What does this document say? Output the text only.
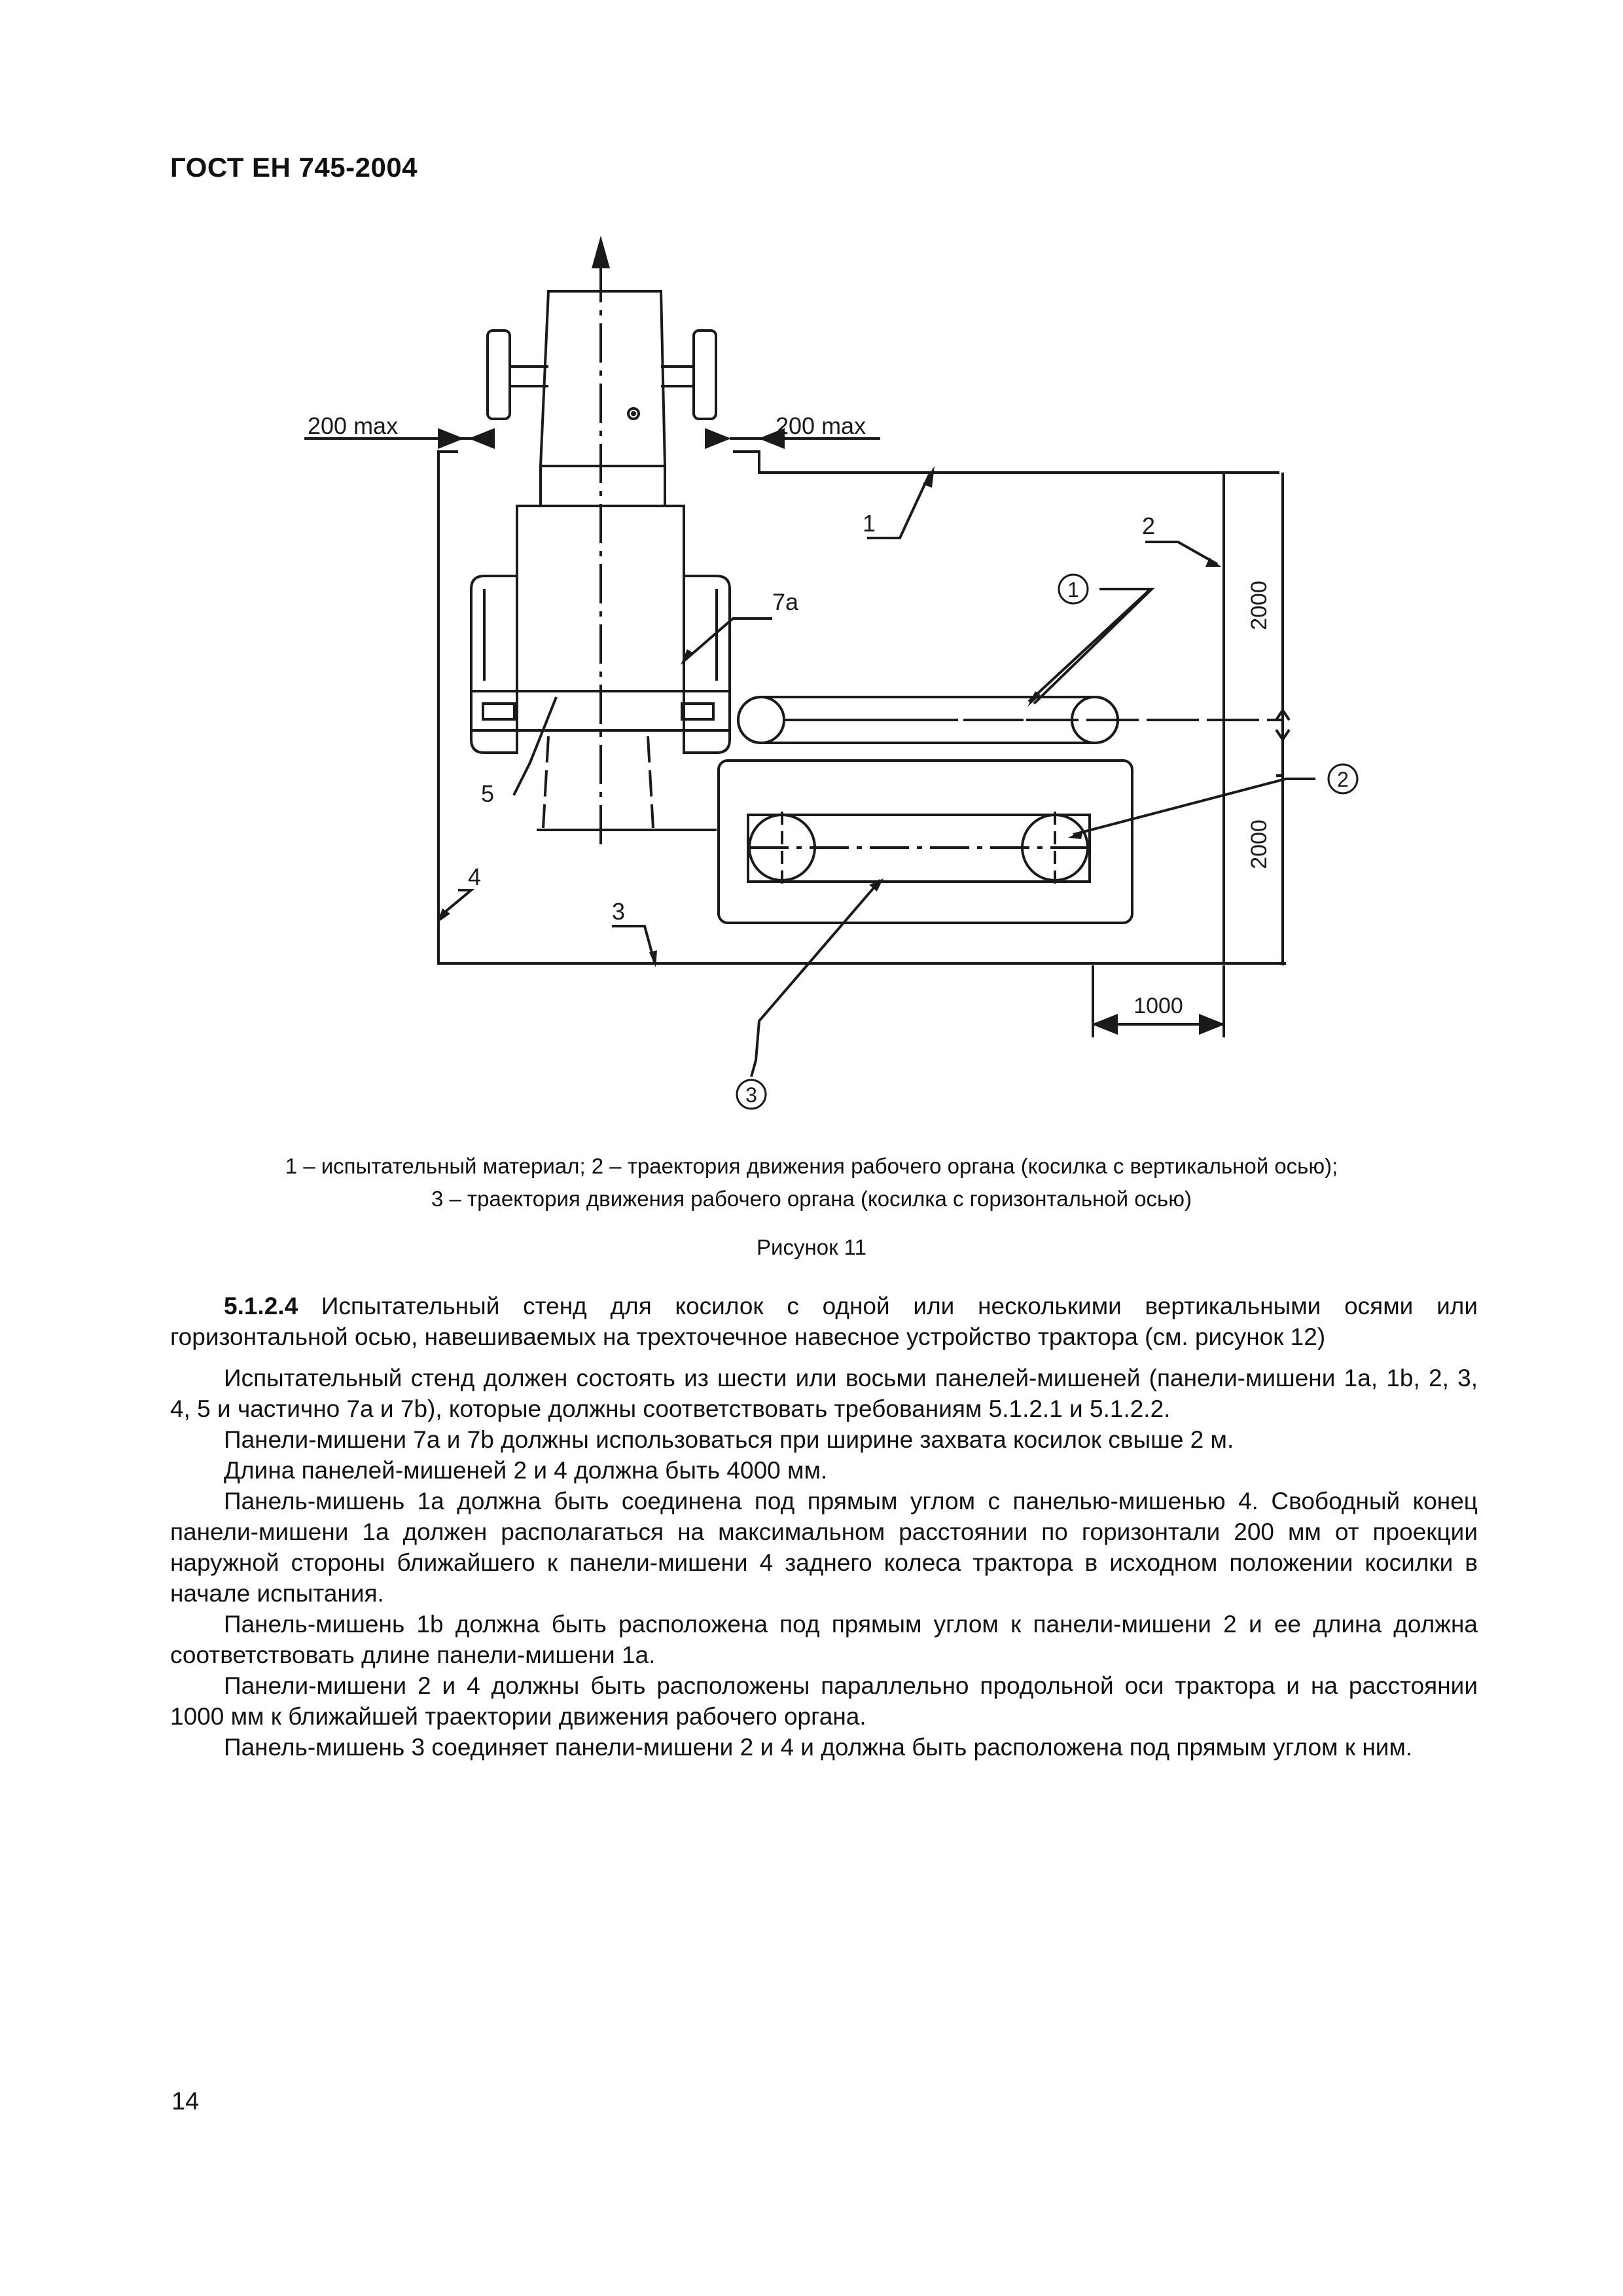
ГОСТ ЕН 745-2004
1
2
3
200 max	200 max
1	2
7a
5
4
3
1000
2000
2000
1 – испытательный материал; 2 – траектория движения рабочего органа (косилка с вертикальной осью);
3 – траектория движения рабочего органа (косилка с горизонтальной осью)
Рисунок 11

5.1.2.4 Испытательный стенд для косилок с одной или несколькими вертикальными осями или горизонтальной осью, навешиваемых на трехточечное навесное устройство трактора (см. рисунок 12)

Испытательный стенд должен состоять из шести или восьми панелей-мишеней (панели-мишени 1a, 1b, 2, 3, 4, 5 и частично 7a и 7b), которые должны соответствовать требованиям 5.1.2.1 и 5.1.2.2.

Панели-мишени 7a и 7b должны использоваться при ширине захвата косилок свыше 2 м.

Длина панелей-мишеней 2 и 4 должна быть 4000 мм.

Панель-мишень 1a должна быть соединена под прямым углом с панелью-мишенью 4. Свободный конец панели-мишени 1a должен располагаться на максимальном расстоянии по горизонтали 200 мм от проекции наружной стороны ближайшего к панели-мишени 4 заднего колеса трактора в исходном положении косилки в начале испытания.

Панель-мишень 1b должна быть расположена под прямым углом к панели-мишени 2 и ее длина должна соответствовать длине панели-мишени 1a.

Панели-мишени 2 и 4 должны быть расположены параллельно продольной оси трактора и на расстоянии 1000 мм к ближайшей траектории движения рабочего органа.

Панель-мишень 3 соединяет панели-мишени 2 и 4 и должна быть расположена под прямым углом к ним.

14
